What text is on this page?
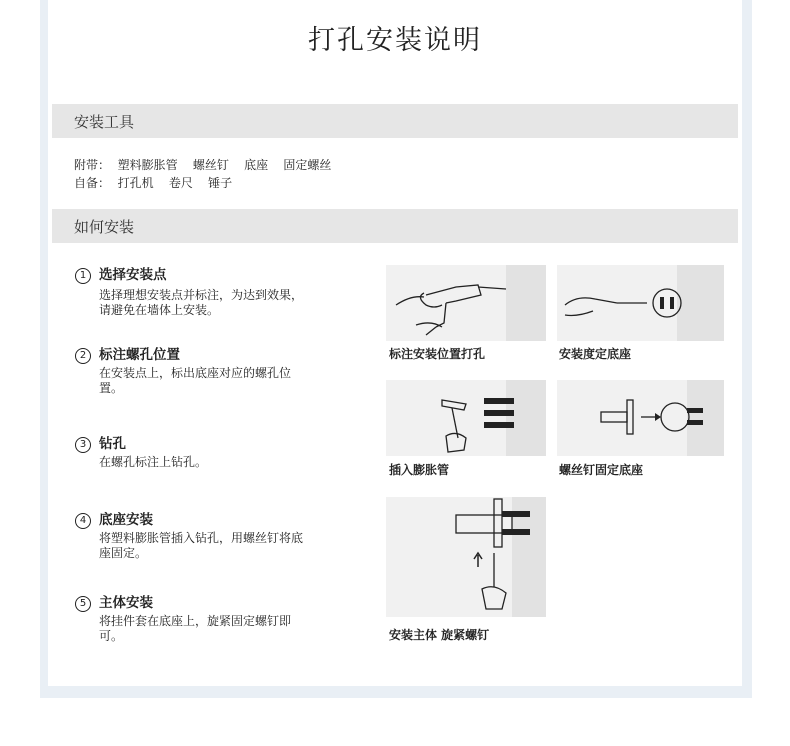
打孔安装说明
安装工具
附带：  塑料膨胀管    螺丝钉    底座    固定螺丝
自备：  打孔机    卷尺    锤子
如何安装
1 选择安装点
选择理想安装点并标注，为达到效果，请避免在墙体上安装。
2 标注螺孔位置
在安装点上，标出底座对应的螺孔位置。
3 钻孔
在螺孔标注上钻孔。
4 底座安装
将塑料膨胀管插入钻孔，用螺丝钉将底座固定。
5 主体安装
将挂件套在底座上，旋紧固定螺钉即可。
标注安装位置打孔	安装度定底座
插入膨胀管	螺丝钉固定底座
安装主体 旋紧螺钉
